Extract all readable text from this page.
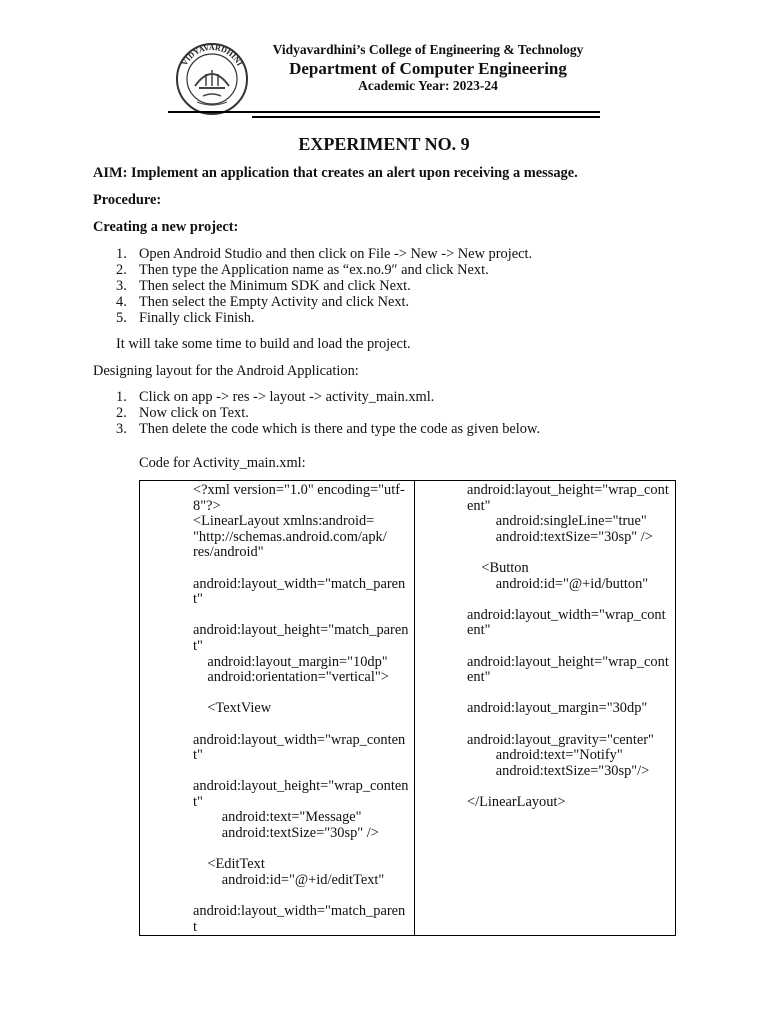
VIDYAVARDHINI
Vidyavardhini’s College of Engineering & Technology
Department of Computer Engineering
Academic Year: 2023-24
EXPERIMENT NO. 9
AIM: Implement an application that creates an alert upon receiving a message.
Procedure:
Creating a new project:
1. Open Android Studio and then click on File -> New -> New project.
2. Then type the Application name as “ex.no.9″ and click Next.
3. Then select the Minimum SDK and click Next.
4. Then select the Empty Activity and click Next.
5. Finally click Finish.
It will take some time to build and load the project.
Designing layout for the Android Application:
1. Click on app -> res -> layout -> activity_main.xml.
2. Now click on Text.
3. Then delete the code which is there and type the code as given below.
Code for Activity_main.xml:
<?xml version="1.0" encoding="utf-
8"?>
<LinearLayout xmlns:android=
"http://schemas.android.com/apk/
res/android"
android:layout_width="match_paren
t"
android:layout_height="match_paren
t"
android:layout_margin="10dp"
android:orientation="vertical">
<TextView
android:layout_width="wrap_conten
t"
android:layout_height="wrap_conten
t"
android:text="Message"
android:textSize="30sp" />
<EditText
android:id="@+id/editText"
android:layout_width="match_paren
t

android:layout_height="wrap_cont
ent"
android:singleLine="true"
android:textSize="30sp" />
<Button
android:id="@+id/button"
android:layout_width="wrap_cont
ent"
android:layout_height="wrap_cont
ent"
android:layout_margin="30dp"
android:layout_gravity="center"
android:text="Notify"
android:textSize="30sp"/>
</LinearLayout>
